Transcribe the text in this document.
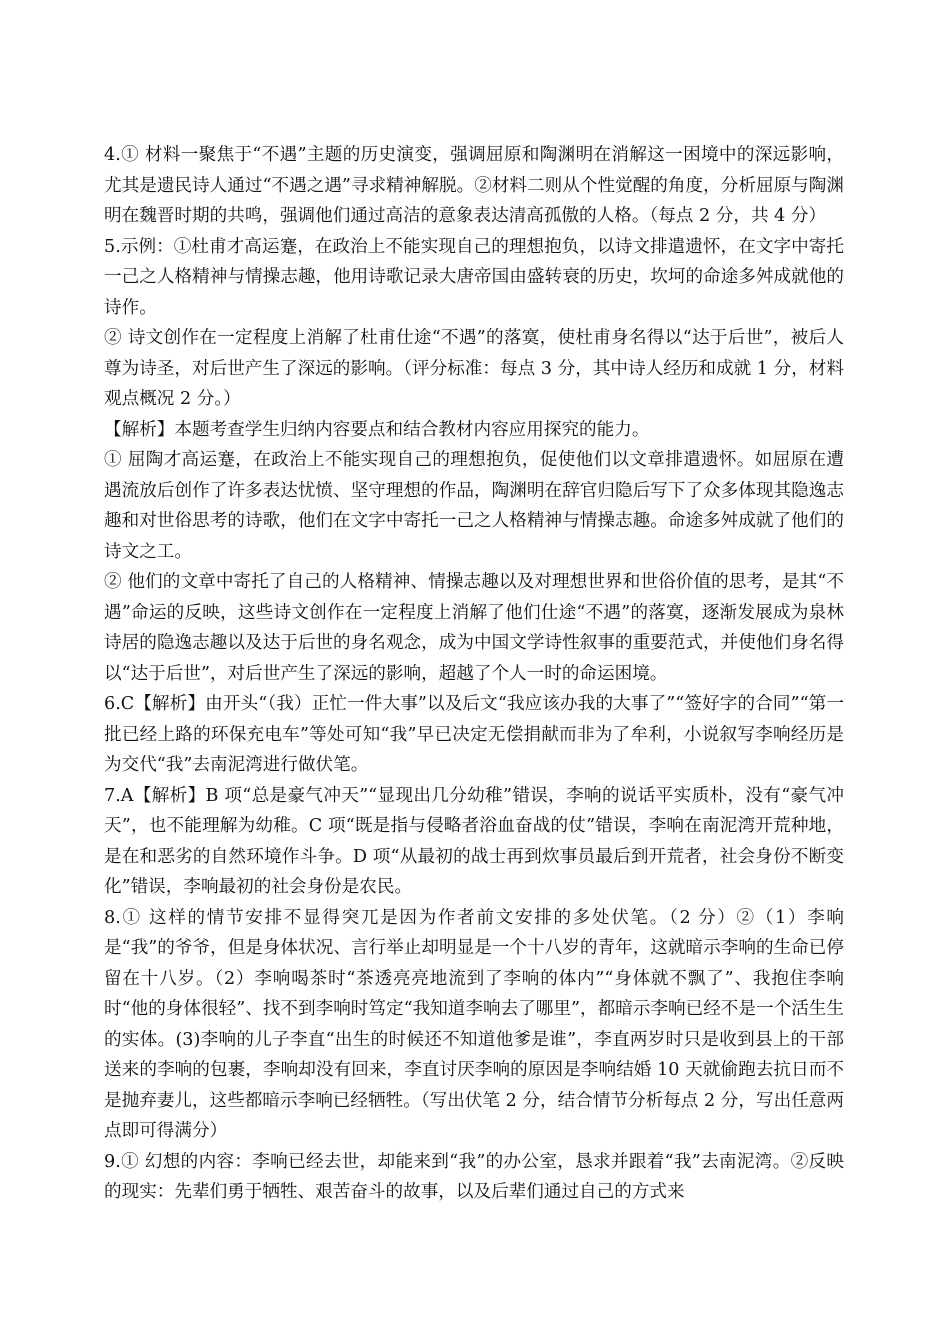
4.① 材料一聚焦于“不遇”主题的历史演变，强调屈原和陶渊明在消解这一困境中的深远影响，尤其是遗民诗人通过“不遇之遇”寻求精神解脱。②材料二则从个性觉醒的角度，分析屈原与陶渊明在魏晋时期的共鸣，强调他们通过高洁的意象表达清高孤傲的人格。（每点 2 分，共 4 分）

5.示例：①杜甫才高运蹇，在政治上不能实现自己的理想抱负，以诗文排遣遗怀，在文字中寄托一己之人格精神与情操志趣，他用诗歌记录大唐帝国由盛转衰的历史，坎坷的命途多舛成就他的诗作。

② 诗文创作在一定程度上消解了杜甫仕途“不遇”的落寞，使杜甫身名得以“达于后世”，被后人尊为诗圣，对后世产生了深远的影响。（评分标准：每点 3 分，其中诗人经历和成就 1 分，材料观点概况 2 分。）

【解析】本题考查学生归纳内容要点和结合教材内容应用探究的能力。

① 屈陶才高运蹇，在政治上不能实现自己的理想抱负，促使他们以文章排遣遗怀。如屈原在遭遇流放后创作了许多表达忧愤、坚守理想的作品，陶渊明在辞官归隐后写下了众多体现其隐逸志趣和对世俗思考的诗歌，他们在文字中寄托一己之人格精神与情操志趣。命途多舛成就了他们的诗文之工。

② 他们的文章中寄托了自己的人格精神、情操志趣以及对理想世界和世俗价值的思考，是其“不遇”命运的反映，这些诗文创作在一定程度上消解了他们仕途“不遇”的落寞，逐渐发展成为泉林诗居的隐逸志趣以及达于后世的身名观念，成为中国文学诗性叙事的重要范式，并使他们身名得以“达于后世”，对后世产生了深远的影响，超越了个人一时的命运困境。

6.C【解析】由开头“（我）正忙一件大事”以及后文“我应该办我的大事了”“签好字的合同”“第一批已经上路的环保充电车”等处可知“我”早已决定无偿捐献而非为了牟利，小说叙写李响经历是为交代“我”去南泥湾进行做伏笔。

7.A【解析】B 项“总是豪气冲天”“显现出几分幼稚”错误，李响的说话平实质朴，没有“豪气冲天”，也不能理解为幼稚。C 项“既是指与侵略者浴血奋战的仗”错误，李响在南泥湾开荒种地，是在和恶劣的自然环境作斗争。D 项“从最初的战士再到炊事员最后到开荒者，社会身份不断变化”错误，李响最初的社会身份是农民。

8.① 这样的情节安排不显得突兀是因为作者前文安排的多处伏笔。（2 分）②（1）李响是“我”的爷爷，但是身体状况、言行举止却明显是一个十八岁的青年，这就暗示李响的生命已停留在十八岁。（2）李响喝茶时“茶透亮亮地流到了李响的体内”“身体就不飘了”、我抱住李响时“他的身体很轻”、找不到李响时笃定“我知道李响去了哪里”，都暗示李响已经不是一个活生生的实体。(3)李响的儿子李直“出生的时候还不知道他爹是谁”，李直两岁时只是收到县上的干部送来的李响的包裹，李响却没有回来，李直讨厌李响的原因是李响结婚 10 天就偷跑去抗日而不是抛弃妻儿，这些都暗示李响已经牺牲。（写出伏笔 2 分，结合情节分析每点 2 分，写出任意两点即可得满分）

9.① 幻想的内容：李响已经去世，却能来到“我”的办公室，恳求并跟着“我”去南泥湾。②反映的现实：先辈们勇于牺牲、艰苦奋斗的故事，以及后辈们通过自己的方式来
